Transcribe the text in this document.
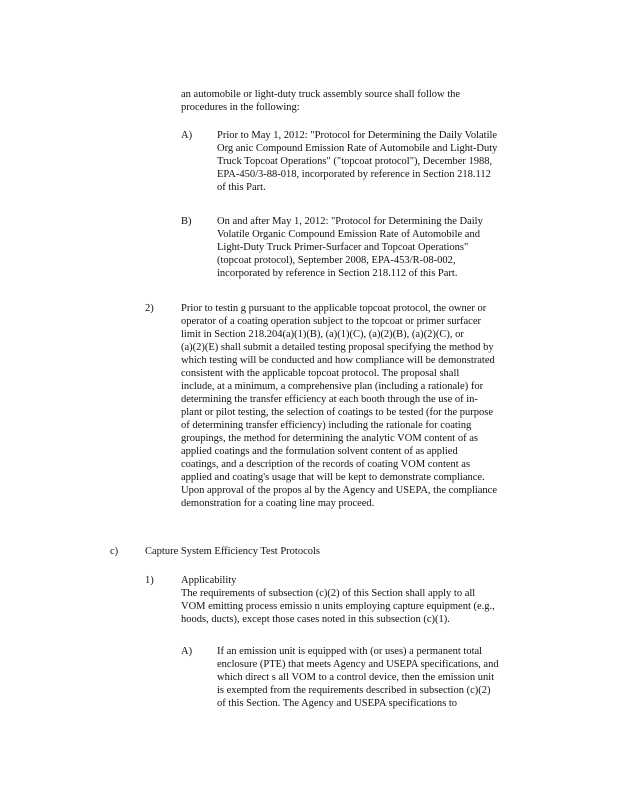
an automobile or light-duty truck assembly source shall follow the
procedures in the following:
A) Prior to May 1, 2012: "Protocol for Determining the Daily Volatile
Org anic Compound Emission Rate of Automobile and Light-Duty
Truck Topcoat Operations" ("topcoat protocol"), December 1988,
EPA-450/3-88-018, incorporated by reference in Section 218.112
of this Part.
B) On and after May 1, 2012: "Protocol for Determining the Daily
Volatile Organic Compound Emission Rate of Automobile and
Light-Duty Truck Primer-Surfacer and Topcoat Operations"
(topcoat protocol), September 2008, EPA-453/R-08-002,
incorporated by reference in Section 218.112 of this Part.
2)	Prior to testin g pursuant to the applicable topcoat protocol, the owner or
operator of a coating operation subject to the topcoat or primer surfacer
limit in Section 218.204(a)(1)(B), (a)(1)(C), (a)(2)(B), (a)(2)(C), or
(a)(2)(E) shall submit a detailed testing proposal specifying the method by
which testing will be conducted and how compliance will be demonstrated
consistent with the applicable topcoat protocol. The proposal shall
include, at a minimum, a comprehensive plan (including a rationale) for
determining the transfer efficiency at each booth through the use of in-
plant or pilot testing, the selection of coatings to be tested (for the purpose
of determining transfer efficiency) including the rationale for coating
groupings, the method for determining the analytic VOM content of as
applied coatings and the formulation solvent content of as applied
coatings, and a description of the records of coating VOM content as
applied and coating's usage that will be kept to demonstrate compliance.
Upon approval of the propos al by the Agency and USEPA, the compliance
demonstration for a coating line may proceed.
c)	Capture System Efficiency Test Protocols
1)	Applicability
The requirements of subsection (c)(2) of this Section shall apply to all
VOM emitting process emissio n units employing capture equipment (e.g.,
hoods, ducts), except those cases noted in this subsection (c)(1).
A) If an emission unit is equipped with (or uses) a permanent total
enclosure (PTE) that meets Agency and USEPA specifications, and
which direct s all VOM to a control device, then the emission unit
is exempted from the requirements described in subsection (c)(2)
of this Section. The Agency and USEPA specifications to
